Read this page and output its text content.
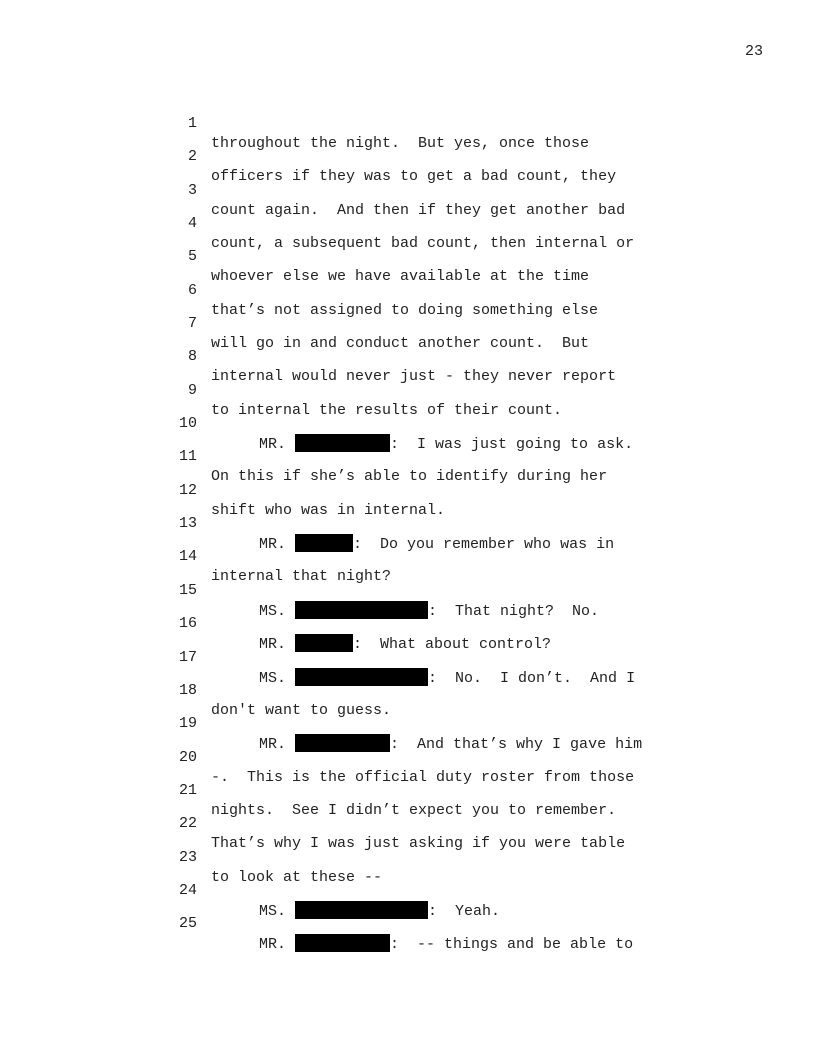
23

1

throughout the night.  But yes, once those

2

officers if they was to get a bad count, they

3

count again.  And then if they get another bad

4

count, a subsequent bad count, then internal or

5

whoever else we have available at the time

6

that’s not assigned to doing something else

7

will go in and conduct another count.  But

8

internal would never just - they never report

9

to internal the results of their count.

10

MR.	:  I was just going to ask.

11

On this if she’s able to identify during her

12

shift who was in internal.

13

MR.	:  Do you remember who was in

14

internal that night?

15

MS.	:  That night?  No.

16

MR.	:  What about control?

17

MS.	:  No.  I don’t.  And I

18

don't want to guess.

19

MR.	:  And that’s why I gave him

20

-.  This is the official duty roster from those

21

nights.  See I didn’t expect you to remember.

22

That’s why I was just asking if you were table

23

to look at these --

24

MS.	:  Yeah.

25

MR.	:  -- things and be able to
